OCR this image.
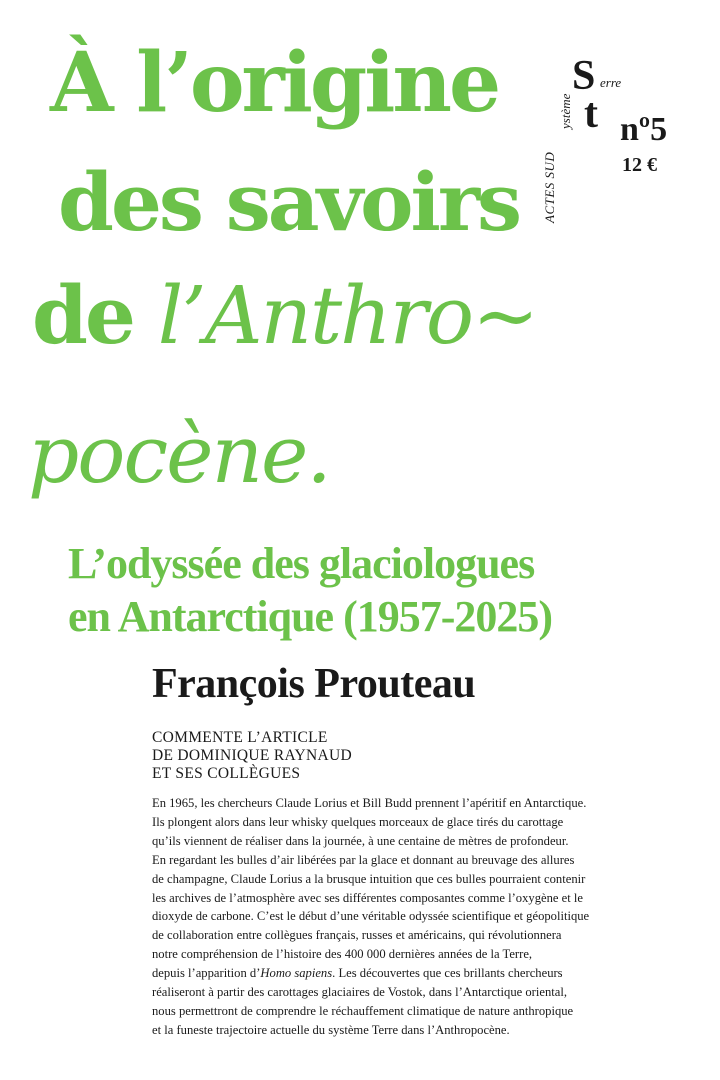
À l’origine
des savoirs
de l’Anthro~
pocène.
S erre
t
ystème
ACTES SUD
nº5
12 €
L’odyssée des glaciologues
en Antarctique (1957-2025)
François Prouteau
COMMENTE L’ARTICLE
DE DOMINIQUE RAYNAUD
ET SES COLLÈGUES
En 1965, les chercheurs Claude Lorius et Bill Budd prennent l’apéritif en Antarctique.
Ils plongent alors dans leur whisky quelques morceaux de glace tirés du carottage
qu’ils viennent de réaliser dans la journée, à une centaine de mètres de profondeur.
En regardant les bulles d’air libérées par la glace et donnant au breuvage des allures
de champagne, Claude Lorius a la brusque intuition que ces bulles pourraient contenir
les archives de l’atmosphère avec ses différentes composantes comme l’oxygène et le
dioxyde de carbone. C’est le début d’une véritable odyssée scientifique et géopolitique
de collaboration entre collègues français, russes et américains, qui révolutionnera
notre compréhension de l’histoire des 400 000 dernières années de la Terre,
depuis l’apparition d’Homo sapiens. Les découvertes que ces brillants chercheurs
réaliseront à partir des carottages glaciaires de Vostok, dans l’Antarctique oriental,
nous permettront de comprendre le réchauffement climatique de nature anthropique
et la funeste trajectoire actuelle du système Terre dans l’Anthropocène.
